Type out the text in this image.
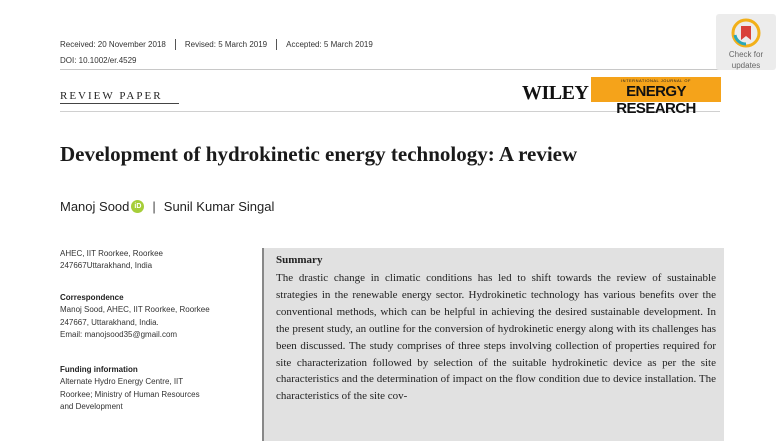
Received: 20 November 2018 Revised: 5 March 2019 Accepted: 5 March 2019
DOI: 10.1002/er.4529
Check for
updates
REVIEW PAPER	WILEY
INTERNATIONAL JOURNAL OF
ENERGY RESEARCH
Development of hydrokinetic energy technology: A review
Manoj Sood iD | Sunil Kumar Singal
AHEC, IIT Roorkee, Roorkee
247667Uttarakhand, India
Correspondence
Manoj Sood, AHEC, IIT Roorkee, Roorkee
247667, Uttarakhand, India.
Email: manojsood35@gmail.com
Funding information
Alternate Hydro Energy Centre, IIT
Roorkee; Ministry of Human Resources
and Development
Summary

The drastic change in climatic conditions has led to shift towards the review of sustainable strategies in the renewable energy sector. Hydrokinetic technology has various benefits over the conventional methods, which can be helpful in achieving the desired sustainable development. In the present study, an outline for the conversion of hydrokinetic energy along with its challenges has been discussed. The study comprises of three steps involving collection of properties required for site characterization followed by selection of the suitable hydrokinetic device as per the site characteristics and the determination of impact on the flow condition due to device installation. The characteristics of the site cov-
